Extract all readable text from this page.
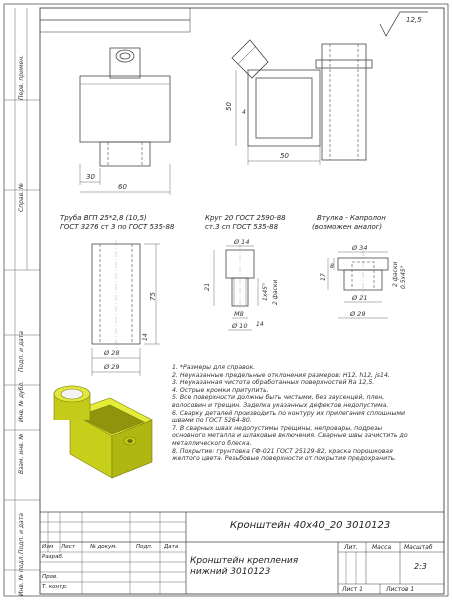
12,5
30
60
50
4
50
Труба ВГП 25*2,8 (10,5)
ГОСТ 3276 ст 3 по ГОСТ 535-88
Круг 20 ГОСТ 2590-88
ст.3 сп ГОСТ 535-88
Втулка - Капролон
(возможен аналог)
Ø 28
Ø 29
75
14
Ø 14
21	1x45° 2 фаски
M8
Ø 10 14
Ø 34
17
8	2 фаски 0.5x45°
Ø 21
Ø 29
Перв. примен.
Справ. №
Подп. и дата
Инв. № дубл.
Взам. инв. №
Подп. и дата
Инв. № подл.
1. *Размеры для справок.
2. Неуказанные предельные отклонения размеров: H12, h12, js14.
3. Неуказанная чистота обработанных поверхностей Ra 12,5.
4. Острые кромки притупить.
5. Все поверхности должны быть чистыми, без заусенцей, плен,
волосовин и трещин. Заделка указанных дефектов недопустима.
6. Сварку деталей производить по контуру их прилегания сплошными
швами по ГОСТ 5264-80.
7. В сварных швах недопустимы трещины, непровары, подрезы
основного металла и шлаковые включения. Сварные швы зачистить до
металлического блеска.
8. Покрытие: грунтовка ГФ-021 ГОСТ 25129-82, краска порошковая
желтого цвета. Резьбовые поверхности от покрытия предохранить.
Кронштейн 40х40_20 3010123
Кронштейн крепления нижний 3010123
Изм Лист	№ докум.	Подп. Дата
Разраб.
Пров.
Т. контр.
Лит. Масса Масштаб
2:3
Лист 1	Листов 1
